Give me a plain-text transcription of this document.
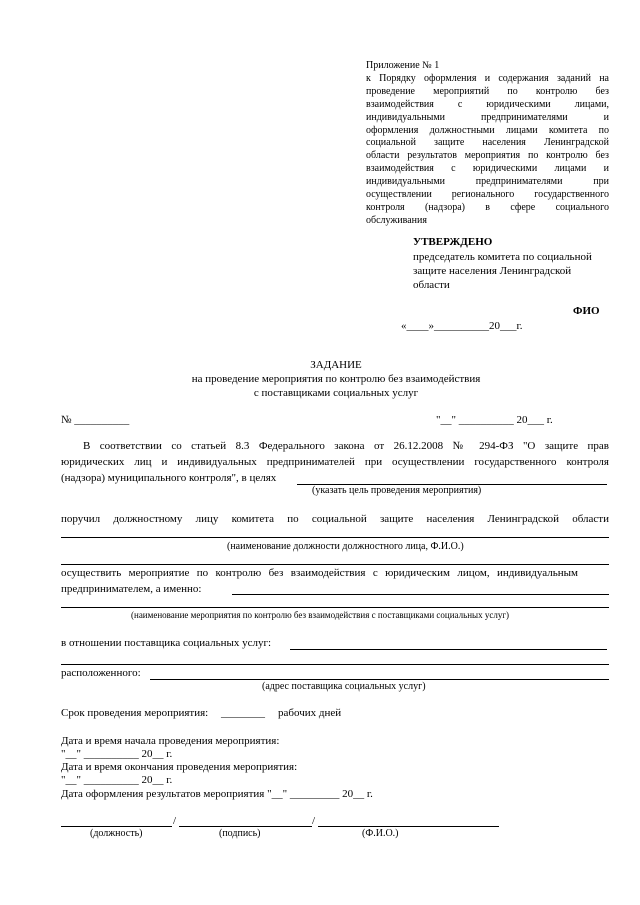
Приложение № 1
к Порядку оформления и содержания заданий на
проведение мероприятий по контролю без
взаимодействия с юридическими лицами,
индивидуальными предпринимателями и
оформления должностными лицами комитета по
социальной защите населения Ленинградской
области результатов мероприятия по контролю без
взаимодействия с юридическими лицами и
индивидуальными предпринимателями при
осуществлении регионального государственного
контроля (надзора) в сфере социального
обслуживания
УТВЕРЖДЕНО
председатель комитета по социальной
защите населения Ленинградской
области
ФИО
«____»__________20___г.
ЗАДАНИЕ
на проведение мероприятия по контролю без взаимодействия
с поставщиками социальных услуг
№ __________	"__" __________ 20___ г.
В соответствии со статьей 8.3 Федерального закона от 26.12.2008 № 294-ФЗ "О защите прав
юридических лиц и индивидуальных предпринимателей при осуществлении государственного контроля
(надзора) муниципального контроля", в целях
(указать цель проведения мероприятия)
поручил должностному лицу комитета по социальной защите населения Ленинградской области
(наименование должности должностного лица, Ф.И.О.)
осуществить мероприятие по контролю без взаимодействия с юридическим лицом, индивидуальным
предпринимателем, а именно:
(наименование мероприятия по контролю без взаимодействия с поставщиками социальных услуг)
в отношении поставщика социальных услуг:
расположенного:
(адрес поставщика социальных услуг)
Срок проведения мероприятия: ________ рабочих дней
Дата и время начала проведения мероприятия:
"__" __________ 20__ г.
Дата и время окончания проведения мероприятия:
"__" __________ 20__ г.
Дата оформления результатов мероприятия "__" _________ 20__ г.
/	/
(должность)	(подпись)	(Ф.И.О.)
